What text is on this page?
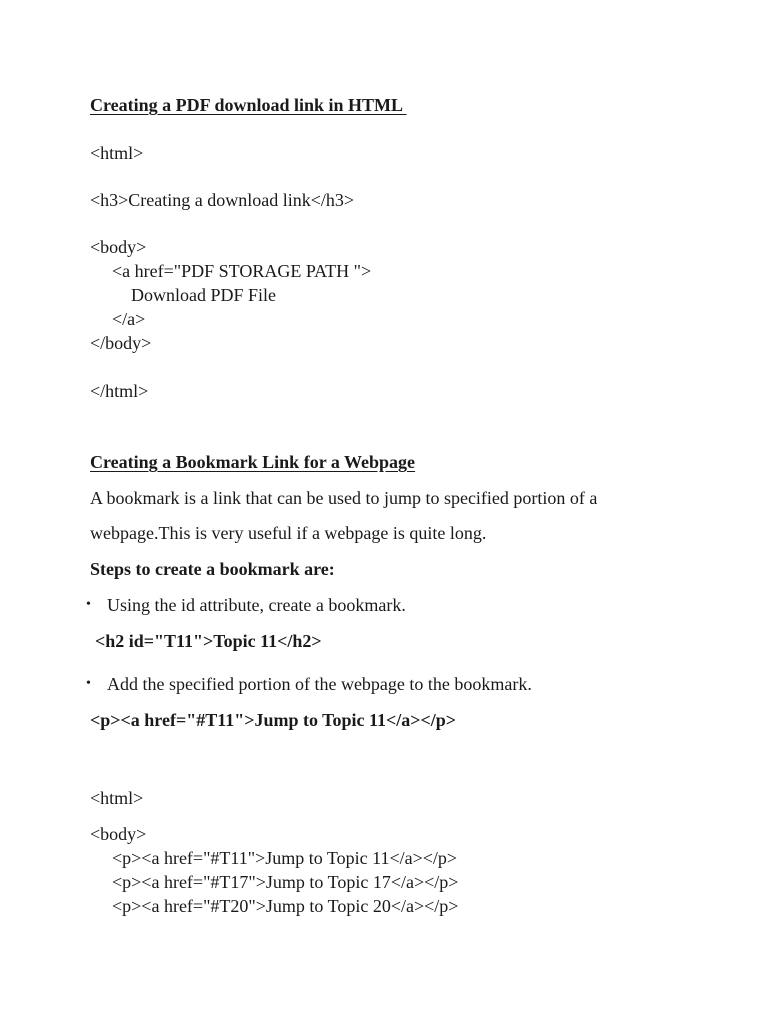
Creating a PDF download link in HTML
<html>
<h3>Creating a download link</h3>
<body>
<a href="PDF STORAGE PATH ">
Download PDF File
</a>
</body>
</html>
Creating a Bookmark Link for a Webpage
A bookmark is a link that can be used to jump to specified portion of a
webpage.This is very useful if a webpage is quite long.
Steps to create a bookmark are:
• Using the id attribute, create a bookmark.
<h2 id="T11">Topic 11</h2>
• Add the specified portion of the webpage to the bookmark.
<p><a href="#T11">Jump to Topic 11</a></p>
<html>
<body>
<p><a href="#T11">Jump to Topic 11</a></p>
<p><a href="#T17">Jump to Topic 17</a></p>
<p><a href="#T20">Jump to Topic 20</a></p>
